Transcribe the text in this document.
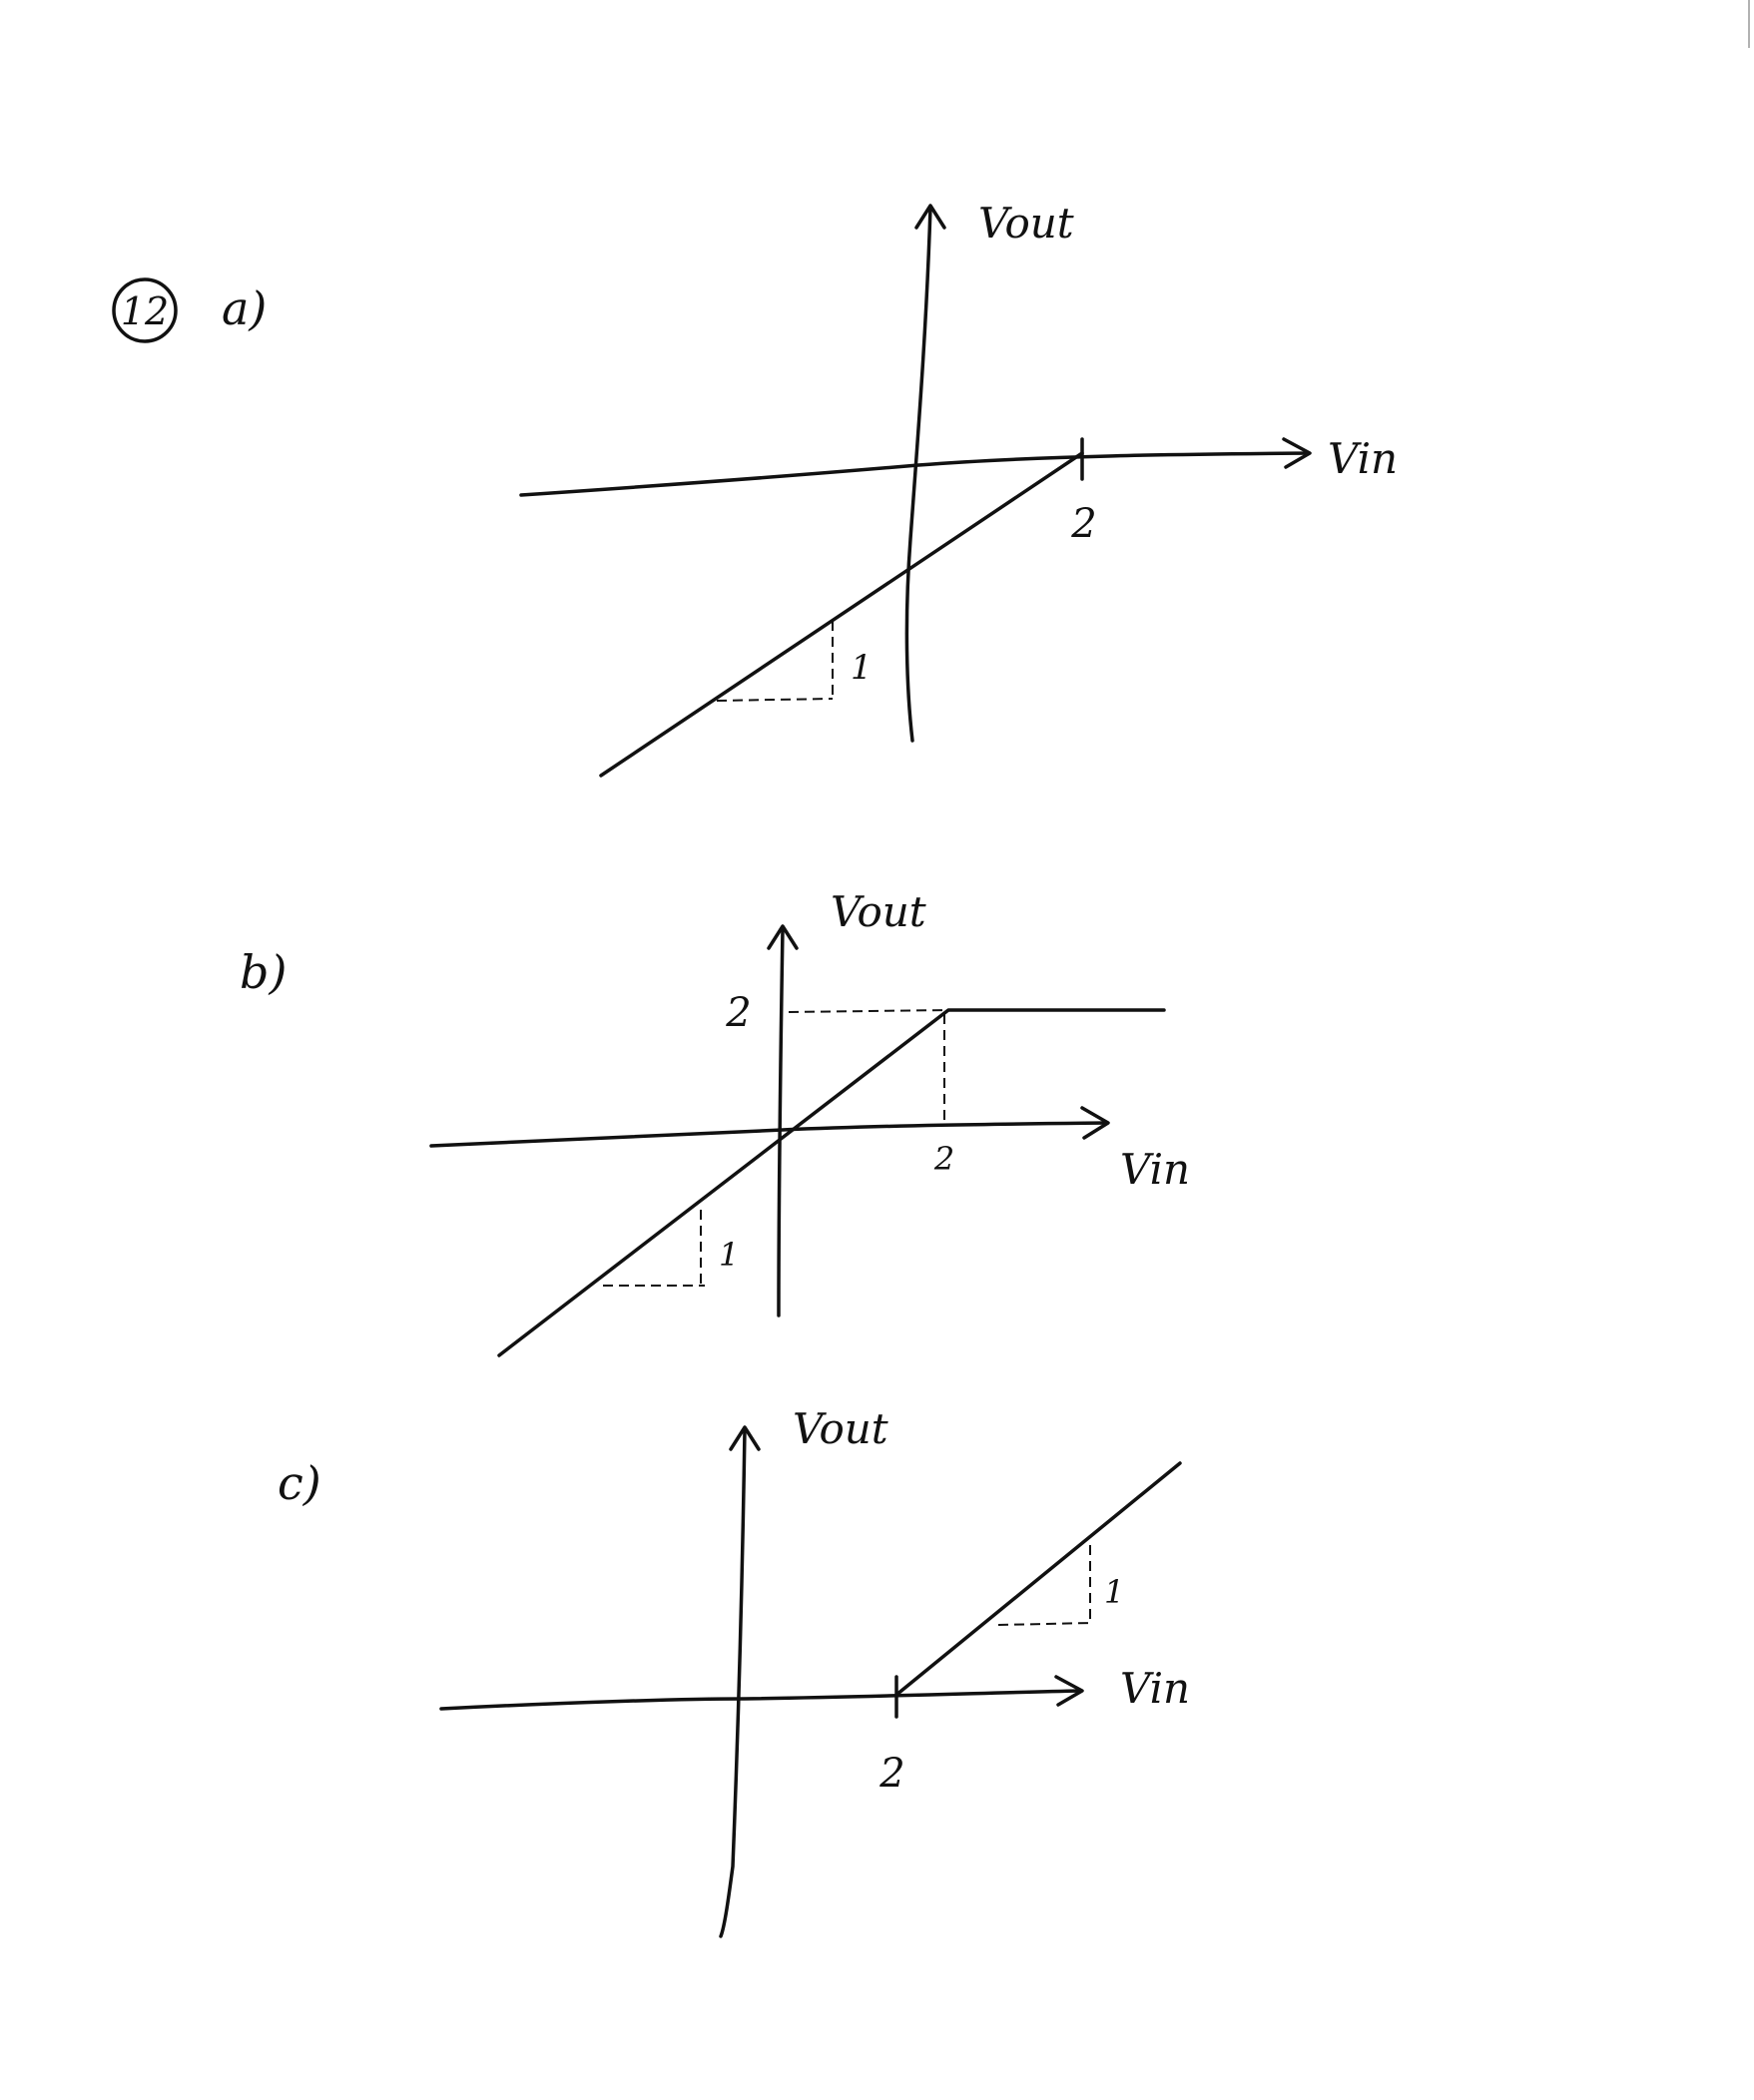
12 a)
Vout
Vin
2
1
b)
Vout
Vin
2
2
1
c)
Vout
Vin
2
1
